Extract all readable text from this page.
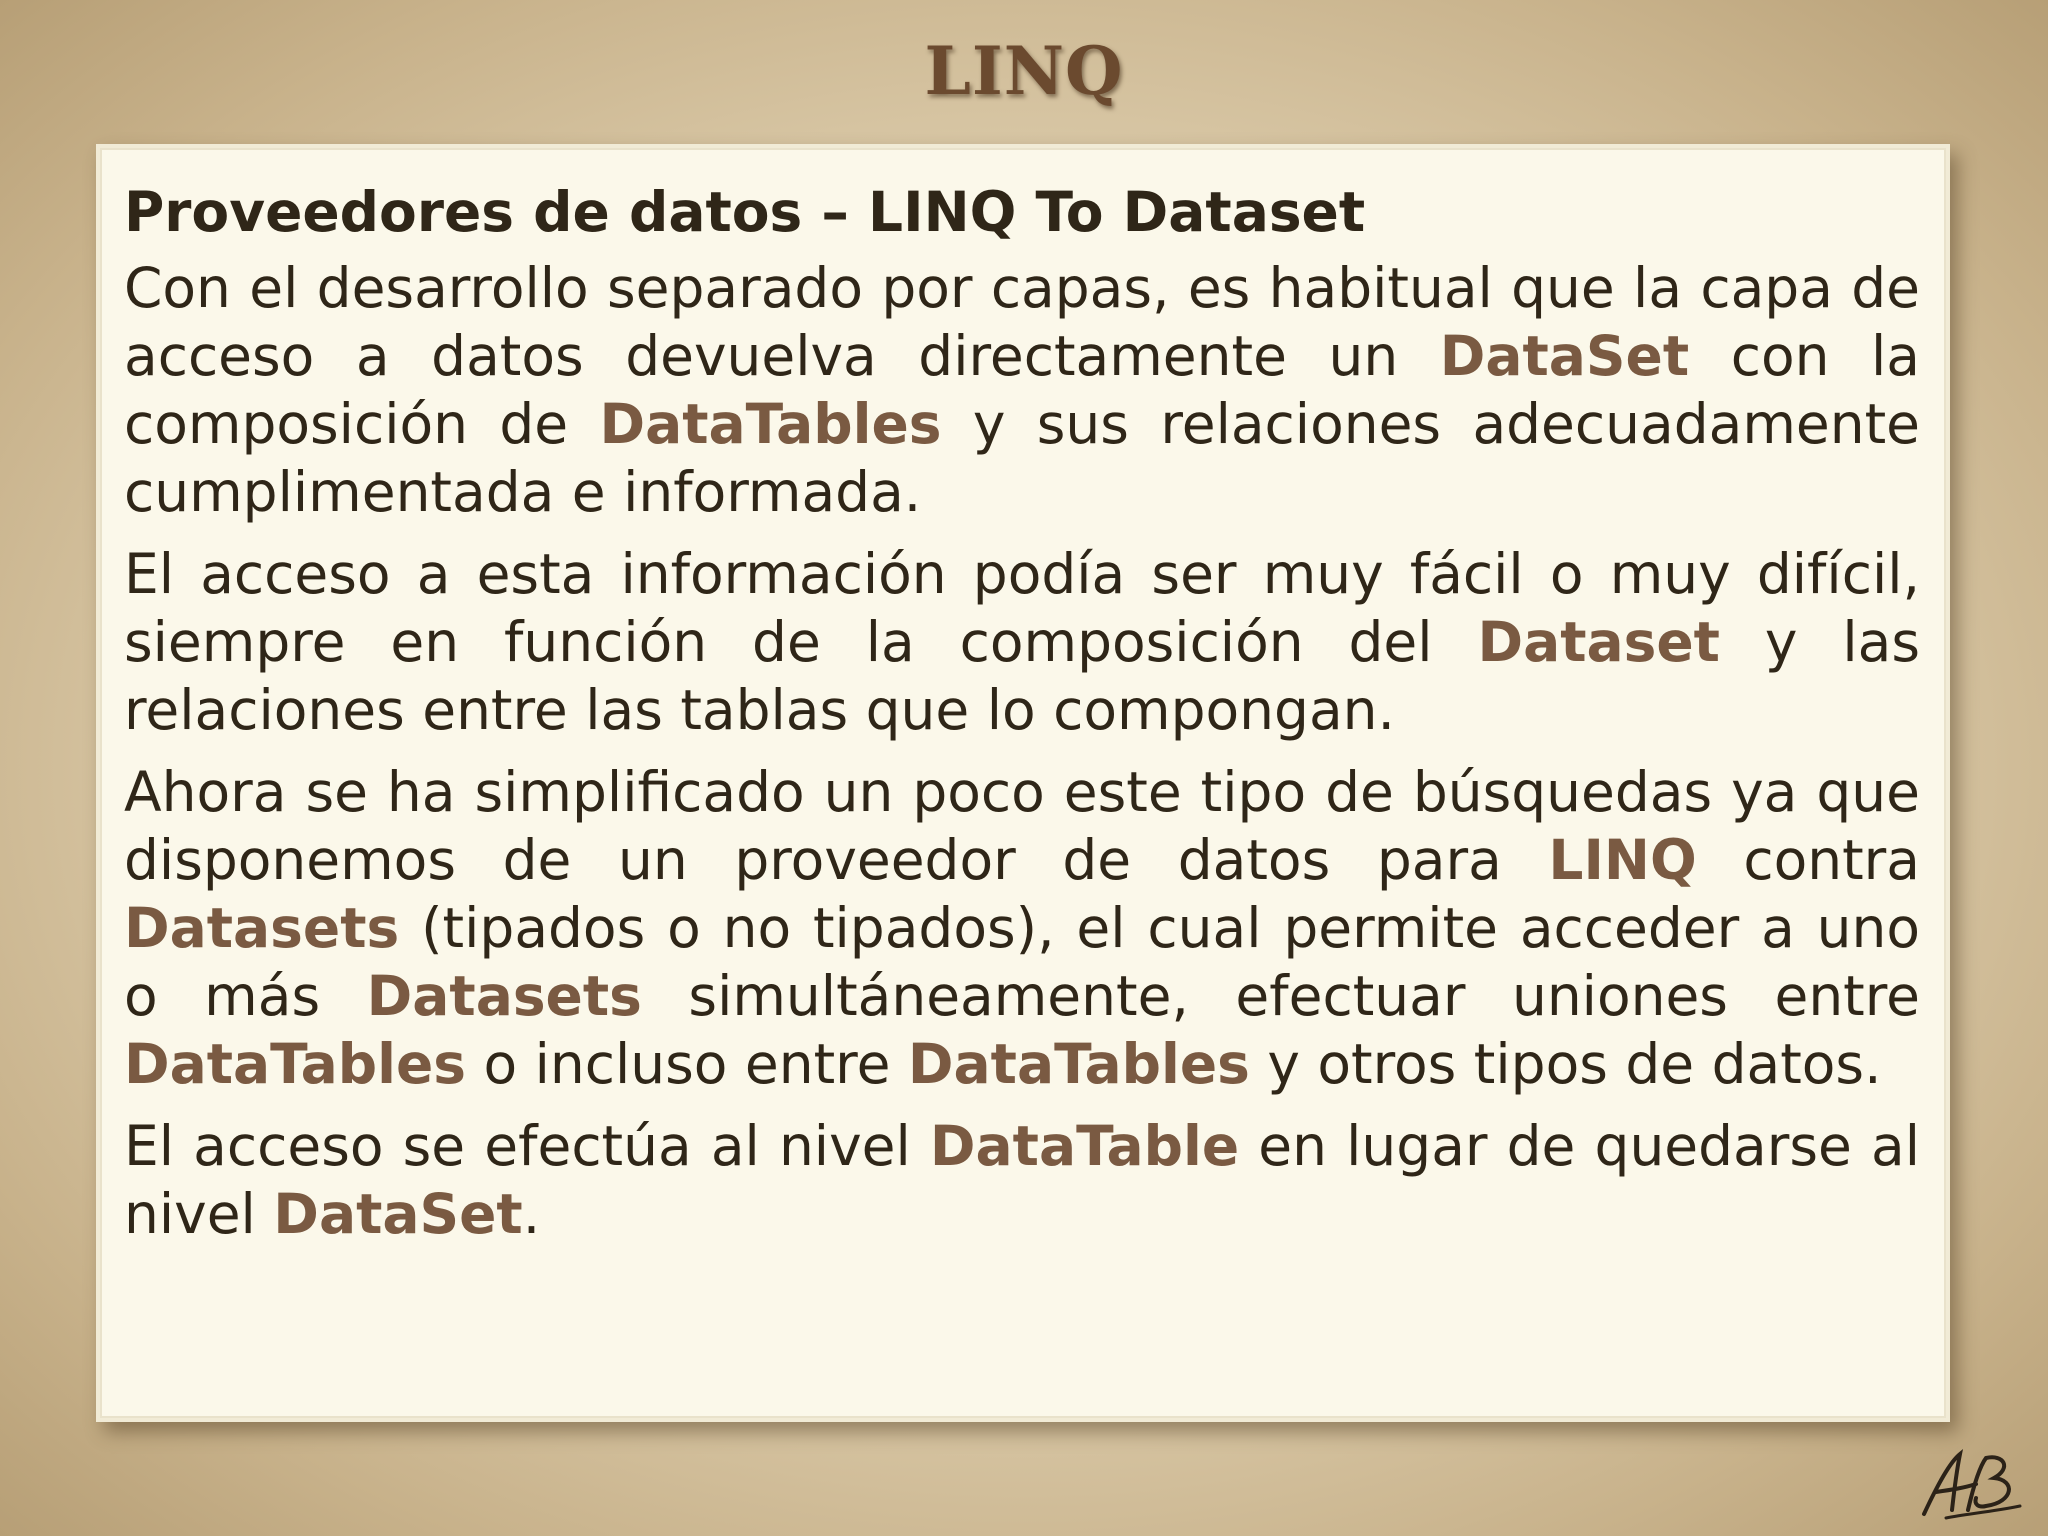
LINQ
Proveedores de datos – LINQ To Dataset

Con el desarrollo separado por capas, es habitual que la capa de acceso a datos devuelva directamente un DataSet con la composición de DataTables y sus relaciones adecuadamente cumplimentada e informada.

El acceso a esta información podía ser muy fácil o muy difícil, siempre en función de la composición del Dataset y las relaciones entre las tablas que lo compongan.

Ahora se ha simplificado un poco este tipo de búsquedas ya que disponemos de un proveedor de datos para LINQ contra Datasets (tipados o no tipados), el cual permite acceder a uno o más Datasets simultáneamente, efectuar uniones entre DataTables o incluso entre DataTables y otros tipos de datos.

El acceso se efectúa al nivel DataTable en lugar de quedarse al nivel DataSet.
